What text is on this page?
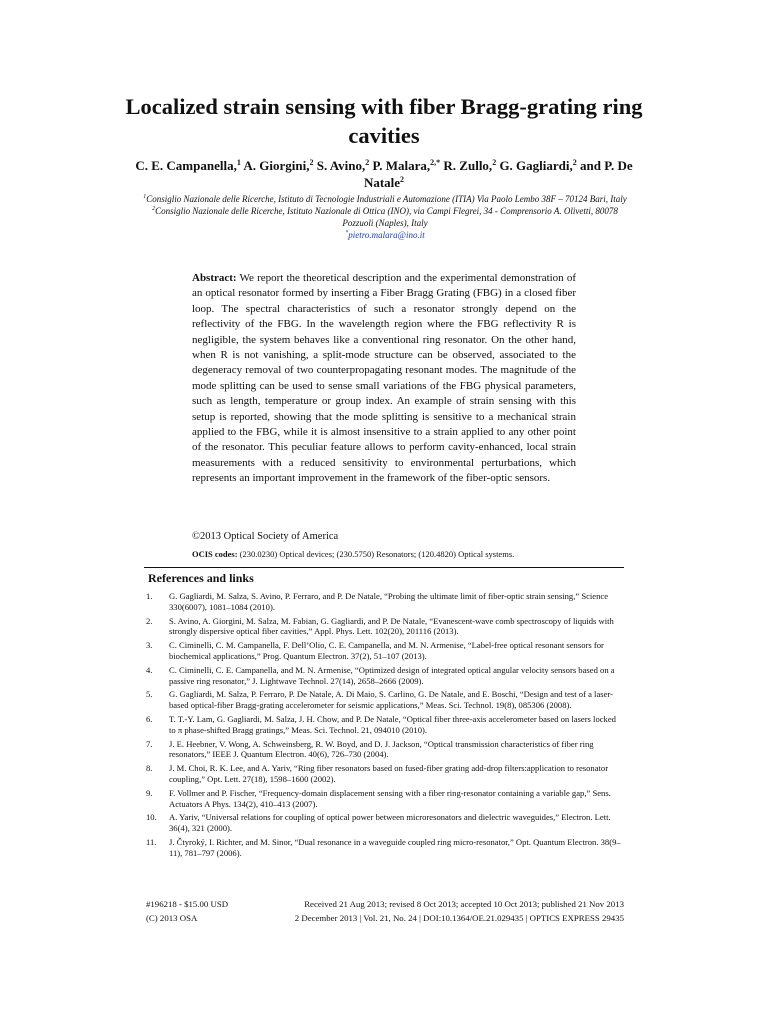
Localized strain sensing with fiber Bragg-grating ring cavities
C. E. Campanella,$^1$ A. Giorgini,$^2$ S. Avino,$^2$ P. Malara,$^{2,*}$ R. Zullo,$^2$ G. Gagliardi,$^2$ and P. De Natale$^2$
$^1$Consiglio Nazionale delle Ricerche, Istituto di Tecnologie Industriali e Automazione (ITIA) Via Paolo Lembo 38F – 70124 Bari, Italy
$^2$Consiglio Nazionale delle Ricerche, Istituto Nazionale di Ottica (INO), via Campi Flegrei, 34 - Comprensorio A. Olivetti, 80078 Pozzuoli (Naples), Italy
*pietro.malara@ino.it

Abstract: We report the theoretical description and the experimental demonstration of an optical resonator formed by inserting a Fiber Bragg Grating (FBG) in a closed fiber loop. The spectral characteristics of such a resonator strongly depend on the reflectivity of the FBG. In the wavelength region where the FBG reflectivity R is negligible, the system behaves like a conventional ring resonator. On the other hand, when R is not vanishing, a split-mode structure can be observed, associated to the degeneracy removal of two counterpropagating resonant modes. The magnitude of the mode splitting can be used to sense small variations of the FBG physical parameters, such as length, temperature or group index. An example of strain sensing with this setup is reported, showing that the mode splitting is sensitive to a mechanical strain applied to the FBG, while it is almost insensitive to a strain applied to any other point of the resonator. This peculiar feature allows to perform cavity-enhanced, local strain measurements with a reduced sensitivity to environmental perturbations, which represents an important improvement in the framework of the fiber-optic sensors.

©2013 Optical Society of America
OCIS codes: (230.0230) Optical devices; (230.5750) Resonators; (120.4820) Optical systems.
References and links
1.	G. Gagliardi, M. Salza, S. Avino, P. Ferraro, and P. De Natale, “Probing the ultimate limit of fiber-optic strain sensing,” Science 330(6007), 1081–1084 (2010).
2.	S. Avino, A. Giorgini, M. Salza, M. Fabian, G. Gagliardi, and P. De Natale, “Evanescent-wave comb spectroscopy of liquids with strongly dispersive optical fiber cavities,” Appl. Phys. Lett. 102(20), 201116 (2013).
3.	C. Ciminelli, C. M. Campanella, F. Dell’Olio, C. E. Campanella, and M. N. Armenise, “Label-free optical resonant sensors for biochemical applications,” Prog. Quantum Electron. 37(2), 51–107 (2013).
4.	C. Ciminelli, C. E. Campanella, and M. N. Armenise, “Optimized design of integrated optical angular velocity sensors based on a passive ring resonator,” J. Lightwave Technol. 27(14), 2658–2666 (2009).
5.	G. Gagliardi, M. Salza, P. Ferraro, P. De Natale, A. Di Maio, S. Carlino, G. De Natale, and E. Boschi, “Design and test of a laser-based optical-fiber Bragg-grating accelerometer for seismic applications,” Meas. Sci. Technol. 19(8), 085306 (2008).
6.	T. T.-Y. Lam, G. Gagliardi, M. Salza, J. H. Chow, and P. De Natale, “Optical fiber three-axis accelerometer based on lasers locked to π phase-shifted Bragg gratings,” Meas. Sci. Technol. 21, 094010 (2010).
7.	J. E. Heebner, V. Wong, A. Schweinsberg, R. W. Boyd, and D. J. Jackson, “Optical transmission characteristics of fiber ring resonators,” IEEE J. Quantum Electron. 40(6), 726–730 (2004).
8.	J. M. Choi, R. K. Lee, and A. Yariv, “Ring fiber resonators based on fused-fiber grating add-drop filters:application to resonator coupling,” Opt. Lett. 27(18), 1598–1600 (2002).
9.	F. Vollmer and P. Fischer, “Frequency-domain displacement sensing with a fiber ring-resonator containing a variable gap,” Sens. Actuators A Phys. 134(2), 410–413 (2007).
10.	A. Yariv, “Universal relations for coupling of optical power between microresonators and dielectric waveguides,” Electron. Lett. 36(4), 321 (2000).
11.	J. Čtyroký, I. Richter, and M. Sinor, “Dual resonance in a waveguide coupled ring micro-resonator,” Opt. Quantum Electron. 38(9–11), 781–797 (2006).
#196218 - $15.00 USD	Received 21 Aug 2013; revised 8 Oct 2013; accepted 10 Oct 2013; published 21 Nov 2013
(C) 2013 OSA	2 December 2013 | Vol. 21, No. 24 | DOI:10.1364/OE.21.029435 | OPTICS EXPRESS 29435
